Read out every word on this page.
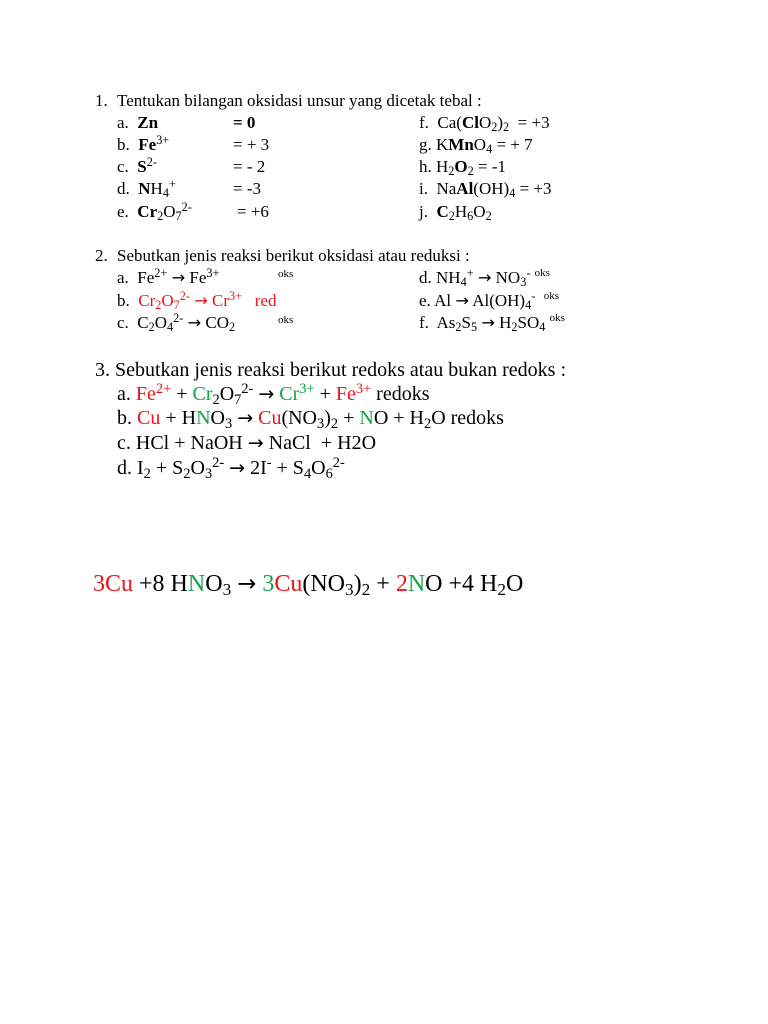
1. Tentukan bilangan oksidasi unsur yang dicetak tebal :
a.  Zn	= 0
b.  $Fe^{3+}$	= + 3
c.  $S^{2-}$	= - 2
d.  $NH_4^+$	= -3
e.  $Cr_2O_7^{2-}$	= +6
f.  $Ca(ClO_2)_2 = +3$
g. KMnO$_4$ = + 7
h. $H_2O_2 = -1$
i.  $NaAl(OH)_4 = +3$
j.  $C_2H_6O_2$
2. Sebutkan jenis reaksi berikut oksidasi atau reduksi :
a.  $Fe^{2+} \to Fe^{3+}$	oks
b.  $Cr_2O_7^{2-} \to Cr^{3+}$   red
c.  $C_2O_4^{2-} \to CO_2$
oks
d. $NH_4^+ \to NO_3^-$ $^{oks}$
e. $Al \to Al(OH)_4^-$ $^{oks}$
f.  $As_2S_5 \to H_2SO_4$ $^{oks}$
3. Sebutkan jenis reaksi berikut redoks atau bukan redoks :
a. $Fe^{2+} + Cr_2O_7^{2-} \to Cr^{3+} + Fe^{3+}$ redoks
b. $Cu + HNO_3 \to Cu(NO_3)_2$ + NO + $H_2O$ redoks
c. HCl + NaOH → NaCl  + H2O
d. $I_2 + S_2O_3^{2-} \to 2I^- + S_4O_6^{2-}$
3Cu +8 $HNO_3 \to 3Cu(NO_3)_2 + 2NO +4$ $H_2O$
